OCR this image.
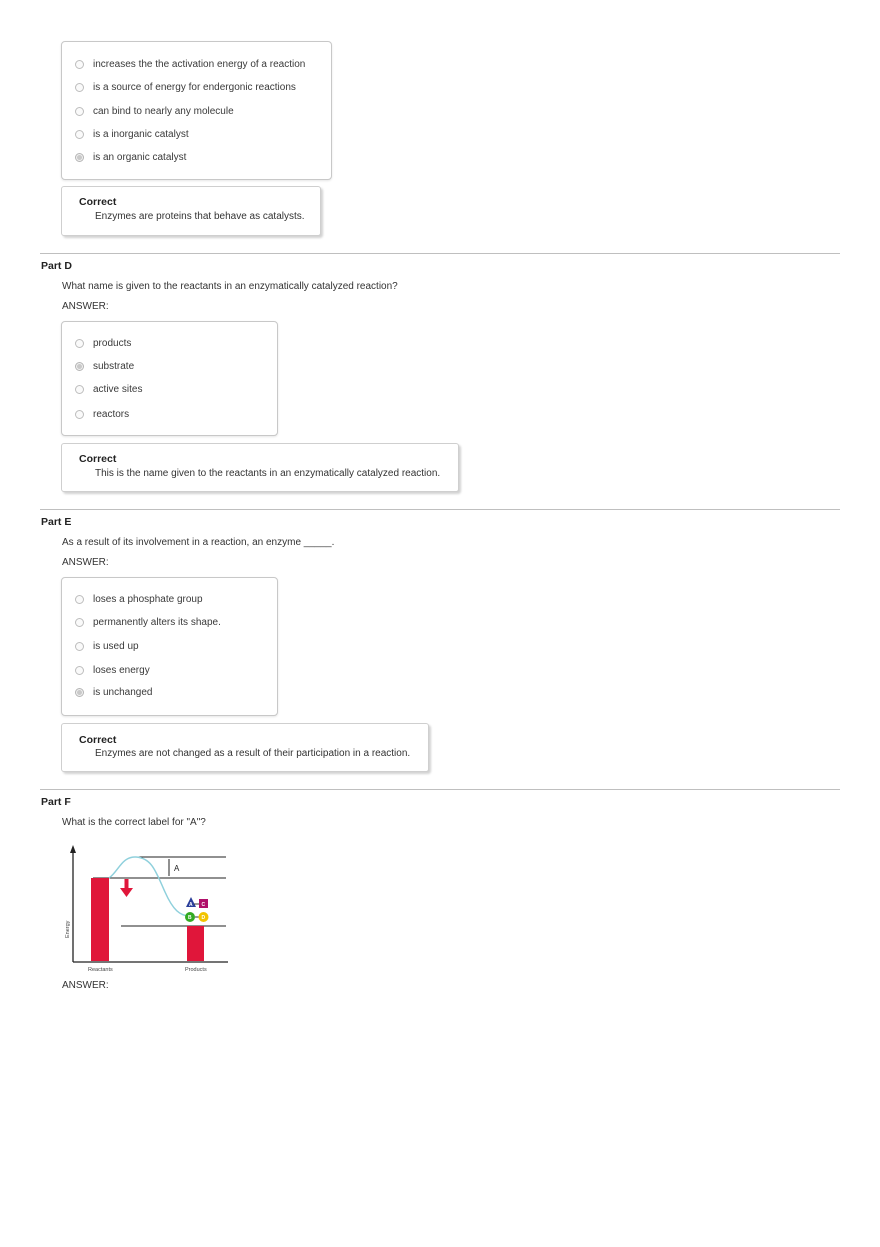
increases the the activation energy of a reaction
is a source of energy for endergonic reactions
can bind to nearly any molecule
is a inorganic catalyst
is an organic catalyst
Correct
Enzymes are proteins that behave as catalysts.
Part D
What name is given to the reactants in an enzymatically catalyzed reaction?
ANSWER:
products
substrate
active sites
reactors
Correct
This is the name given to the reactants in an enzymatically catalyzed reaction.
Part E
As a result of its involvement in a reaction, an enzyme _____.
ANSWER:
loses a phosphate group
permanently alters its shape.
is used up
loses energy
is unchanged
Correct
Enzymes are not changed as a result of their participation in a reaction.
Part F
What is the correct label for "A"?
Energy
A
A C
B D
Reactants	Products
ANSWER:
